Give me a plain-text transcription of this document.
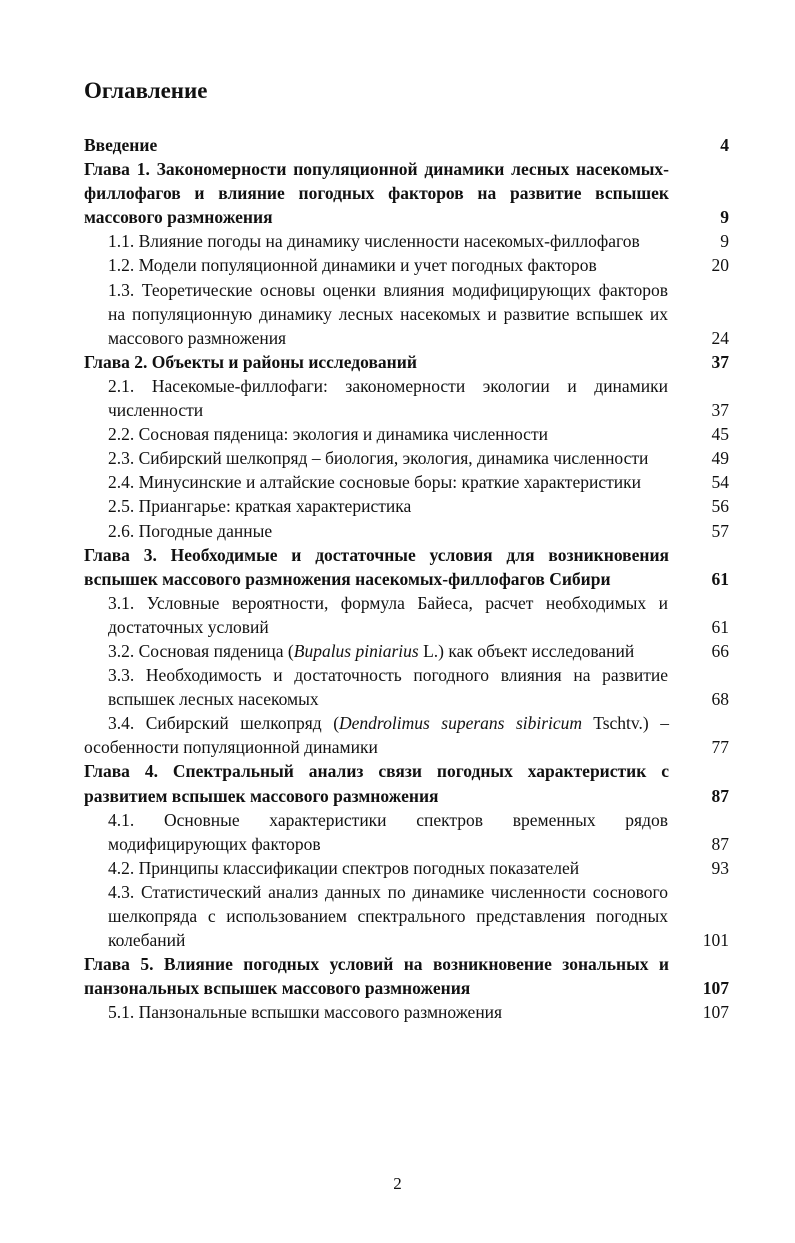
Оглавление
Введение	4
Глава 1. Закономерности популяционной динамики лесных насекомых-филлофагов и влияние погодных факторов на развитие вспышек массового размножения	9
1.1. Влияние погоды на динамику численности насекомых-филлофагов	9
1.2. Модели популяционной динамики и учет погодных факторов	20
1.3. Теоретические основы оценки влияния модифицирующих факторов на популяционную динамику лесных насекомых и развитие вспышек их массового размножения	24
Глава 2. Объекты и районы исследований	37
2.1. Насекомые-филлофаги: закономерности экологии и динамики численности	37
2.2. Сосновая пяденица: экология и динамика численности	45
2.3. Сибирский шелкопряд – биология, экология, динамика численности	49
2.4. Минусинские и алтайские сосновые боры: краткие характеристики	54
2.5. Приангарье: краткая характеристика	56
2.6. Погодные данные	57
Глава 3. Необходимые и достаточные условия для возникновения вспышек массового размножения насекомых-филлофагов Сибири	61
3.1. Условные вероятности, формула Байеса, расчет необходимых и достаточных условий	61
3.2. Сосновая пяденица (Bupalus piniarius L.) как объект исследований	66
3.3. Необходимость и достаточность погодного влияния на развитие вспышек лесных насекомых	68
3.4. Сибирский шелкопряд (Dendrolimus superans sibiricum Tschtv.) – особенности популяционной динамики	77
Глава 4. Спектральный анализ связи погодных характеристик с развитием вспышек массового размножения	87
4.1. Основные характеристики спектров временных рядов модифицирующих факторов	87
4.2. Принципы классификации спектров погодных показателей	93
4.3. Статистический анализ данных по динамике численности соснового шелкопряда с использованием спектрального представления погодных колебаний	101
Глава 5. Влияние погодных условий на возникновение зональных и панзональных вспышек массового размножения	107
5.1. Панзональные вспышки массового размножения	107
2
